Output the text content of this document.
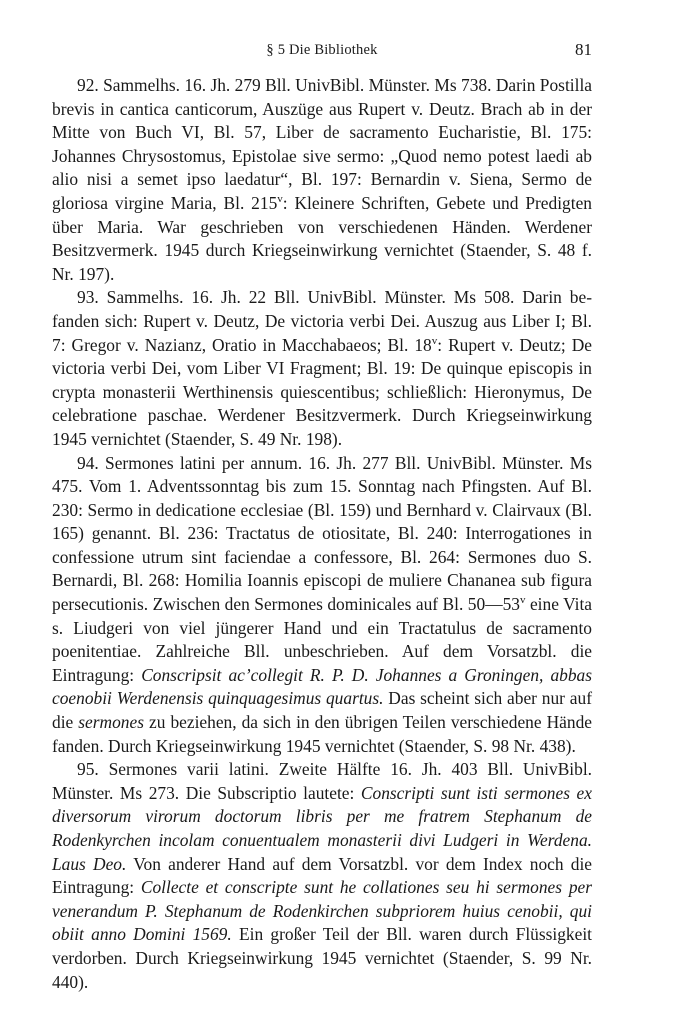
§ 5 Die Bibliothek	81

92. Sammelhs. 16. Jh. 279 Bll. UnivBibl. Münster. Ms 738. Darin Postilla brevis in cantica canticorum, Auszüge aus Rupert v. Deutz. Brach ab in der Mitte von Buch VI, Bl. 57, Liber de sacramento Eucharistie, Bl. 175: Johannes Chrysostomus, Epistolae sive sermo: „Quod nemo potest laedi ab alio nisi a semet ipso laedatur“, Bl. 197: Bernardin v. Siena, Sermo de gloriosa virgine Maria, Bl. 215$^v$: Kleinere Schriften, Gebete und Predigten über Maria. War geschrieben von verschiedenen Händen. Werdener Besitzvermerk. 1945 durch Kriegseinwirkung vernichtet (Staender, S. 48 f. Nr. 197).

93. Sammelhs. 16. Jh. 22 Bll. UnivBibl. Münster. Ms 508. Darin befanden sich: Rupert v. Deutz, De victoria verbi Dei. Auszug aus Liber I; Bl. 7: Gregor v. Nazianz, Oratio in Macchabaeos; Bl. 18$^v$: Rupert v. Deutz; De victoria verbi Dei, vom Liber VI Fragment; Bl. 19: De quinque episcopis in crypta monasterii Werthinensis quiescentibus; schließlich: Hieronymus, De celebratione paschae. Werdener Besitzvermerk. Durch Kriegseinwirkung 1945 vernichtet (Staender, S. 49 Nr. 198).

94. Sermones latini per annum. 16. Jh. 277 Bll. UnivBibl. Münster. Ms 475. Vom 1. Adventssonntag bis zum 15. Sonntag nach Pfingsten. Auf Bl. 230: Sermo in dedicatione ecclesiae (Bl. 159) und Bernhard v. Clairvaux (Bl. 165) genannt. Bl. 236: Tractatus de otiositate, Bl. 240: Interrogationes in confessione utrum sint faciendae a confessore, Bl. 264: Sermones duo S. Bernardi, Bl. 268: Homilia Ioannis episcopi de muliere Chananea sub figura persecutionis. Zwischen den Sermones dominicales auf Bl. 50—53$^v$ eine Vita s. Liudgeri von viel jüngerer Hand und ein Tractatulus de sacramento poenitentiae. Zahlreiche Bll. unbeschrieben. Auf dem Vorsatzbl. die Eintragung: Conscripsit ac’collegit R. P. D. Johannes a Groningen, abbas coenobii Werdenensis quinquagesimus quartus. Das scheint sich aber nur auf die sermones zu beziehen, da sich in den übrigen Teilen verschiedene Hände fanden. Durch Kriegseinwirkung 1945 vernichtet (Staender, S. 98 Nr. 438).

95. Sermones varii latini. Zweite Hälfte 16. Jh. 403 Bll. UnivBibl. Münster. Ms 273. Die Subscriptio lautete: Conscripti sunt isti sermones ex diversorum virorum doctorum libris per me fratrem Stephanum de Rodenkyrchen incolam conuentualem monasterii divi Ludgeri in Werdena. Laus Deo. Von anderer Hand auf dem Vorsatzbl. vor dem Index noch die Eintragung: Collecte et conscripte sunt he collationes seu hi sermones per venerandum P. Stephanum de Rodenkirchen subpriorem huius cenobii, qui obiit anno Domini 1569. Ein großer Teil der Bll. waren durch Flüssigkeit verdorben. Durch Kriegseinwirkung 1945 vernichtet (Staender, S. 99 Nr. 440).
